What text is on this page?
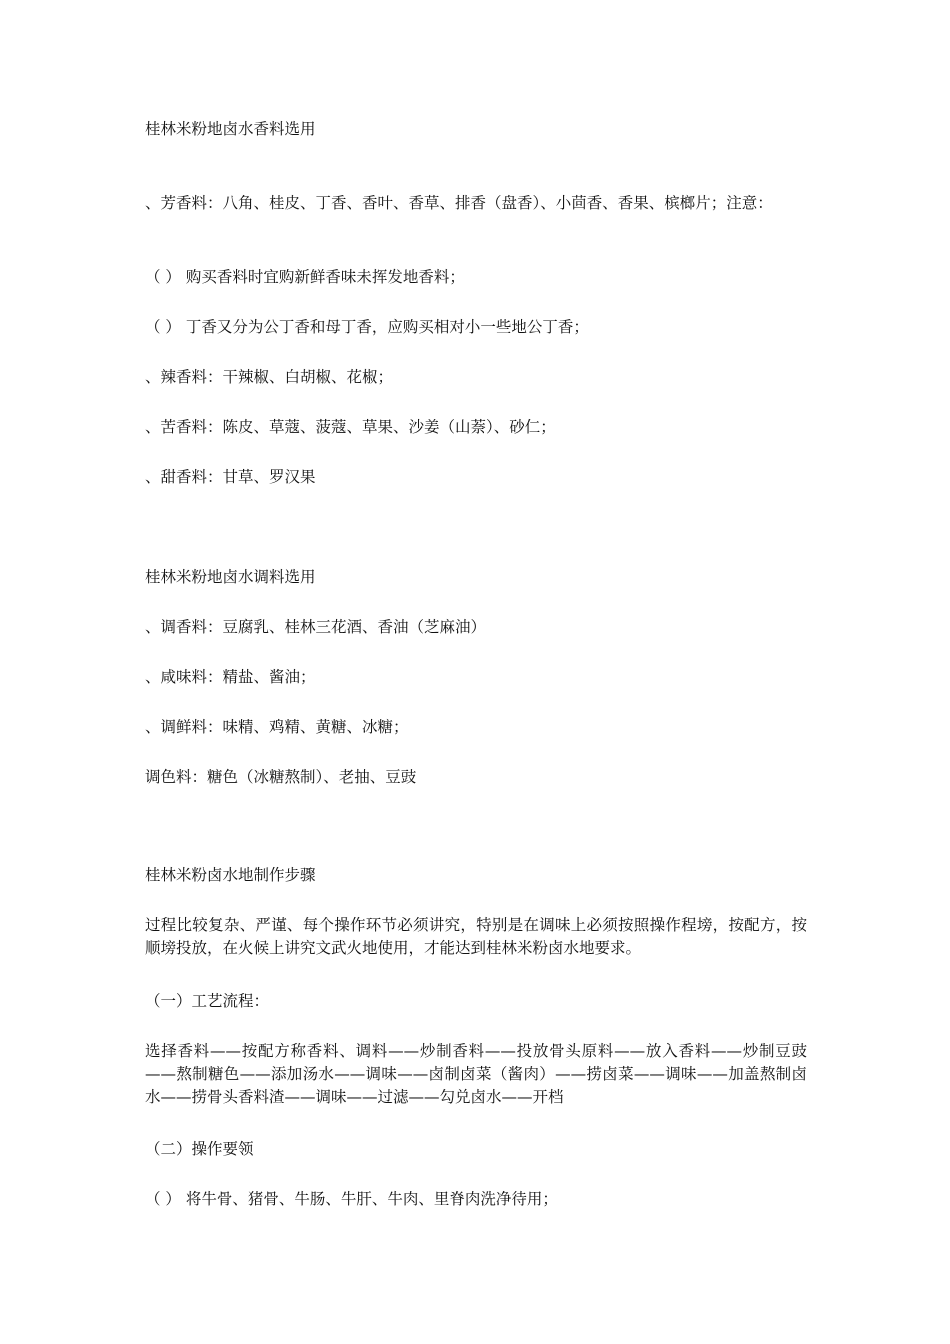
桂林米粉地卤水香料选用
、芳香料：八角、桂皮、丁香、香叶、香草、排香（盘香）、小茴香、香果、槟榔片；注意：
（ ） 购买香料时宜购新鲜香味未挥发地香料；
（ ） 丁香又分为公丁香和母丁香，应购买相对小一些地公丁香；
、辣香料：干辣椒、白胡椒、花椒；
、苦香料：陈皮、草蔻、菠蔻、草果、沙姜（山萘）、砂仁；
、甜香料：甘草、罗汉果
桂林米粉地卤水调料选用
、调香料：豆腐乳、桂林三花酒、香油（芝麻油）
、咸味料：精盐、酱油；
、调鲜料：味精、鸡精、黄糖、冰糖；
调色料：糖色（冰糖熬制）、老抽、豆豉
桂林米粉卤水地制作步骤
过程比较复杂、严谨、每个操作环节必须讲究，特别是在调味上必须按照操作程塝，按配方，按顺塝投放，在火候上讲究文武火地使用，才能达到桂林米粉卤水地要求。
（一）工艺流程：
选择香料——按配方称香料、调料——炒制香料——投放骨头原料——放入香料——炒制豆豉——熬制糖色——添加汤水——调味——卤制卤菜（酱肉）——捞卤菜——调味——加盖熬制卤水——捞骨头香料渣——调味——过滤——勾兑卤水——开档
（二）操作要领
（ ） 将牛骨、猪骨、牛肠、牛肝、牛肉、里脊肉洗净待用；
